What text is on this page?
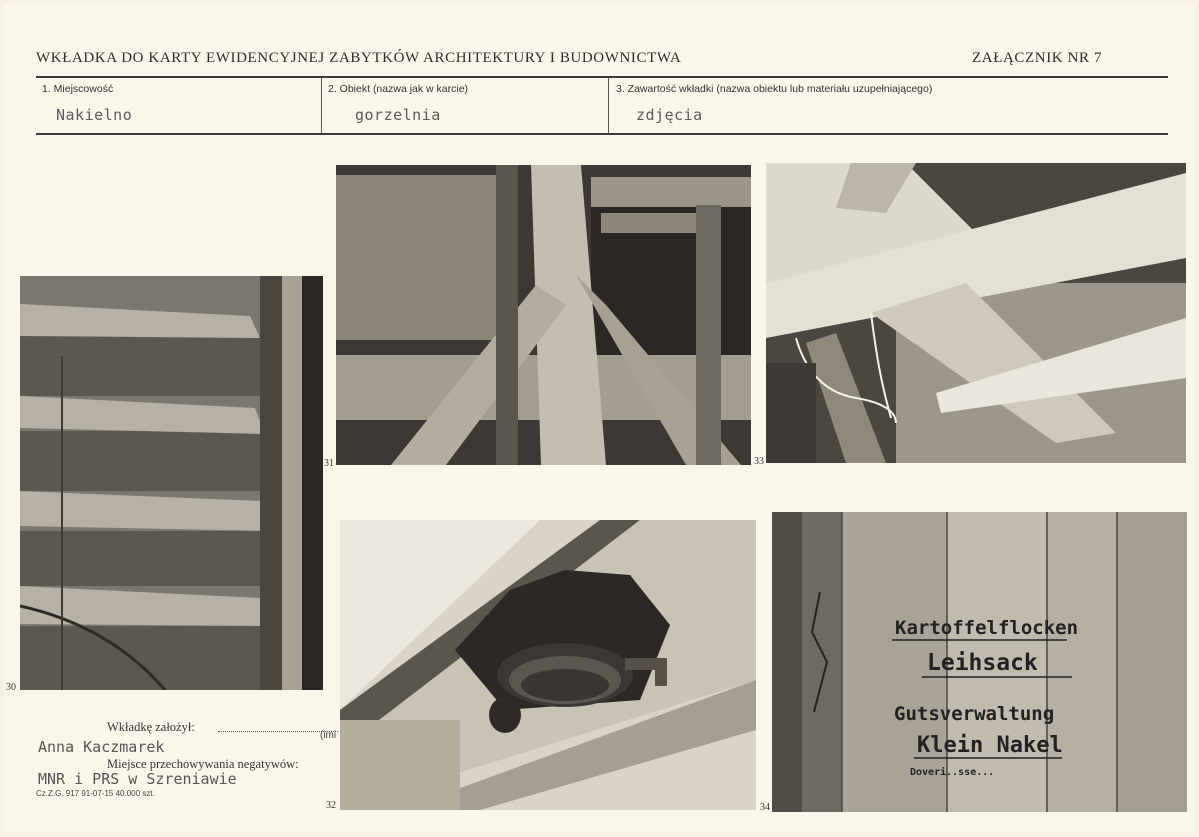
WKŁADKA DO KARTY EWIDENCYJNEJ ZABYTKÓW ARCHITEKTURY I BUDOWNICTWA	ZAŁĄCZNIK NR 7
1. Miejscowość
Nakielno
2. Obiekt (nazwa jak w karcie)
gorzelnia
3. Zawartość wkładki (nazwa obiektu lub materiału uzupełniającego)
zdjęcia
30
31	33
32
Kartoffelflocken
Leihsack
Gutsverwaltung
Klein Nakel
Doveri..sse...
34
Wkładkę założył:
(imi
Anna Kaczmarek
Miejsce przechowywania negatywów:
MNR i PRS w Szreniawie
Cz.Z.G. 917 91-07-15 40.000 szt.
